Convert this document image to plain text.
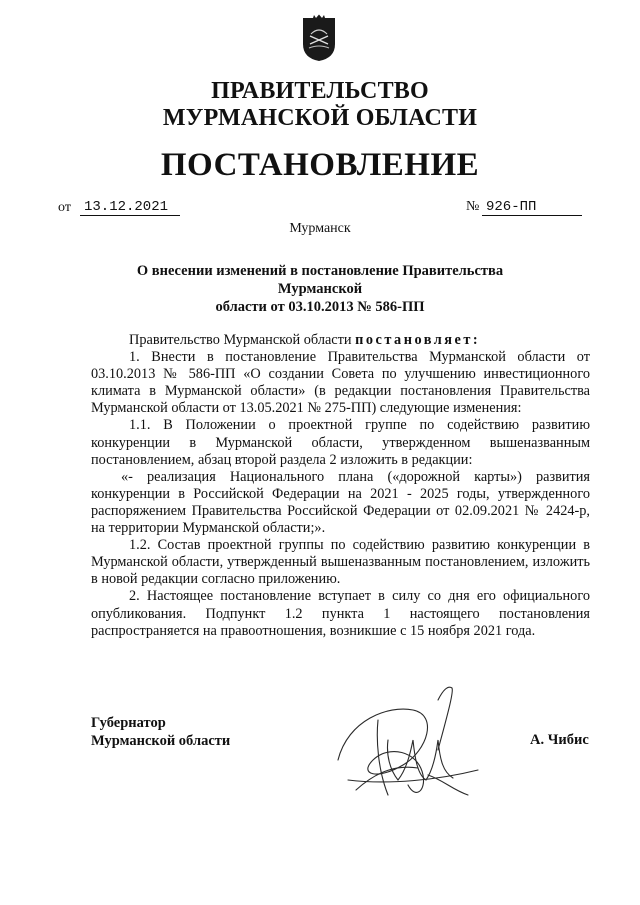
ПРАВИТЕЛЬСТВО
МУРМАНСКОЙ ОБЛАСТИ
ПОСТАНОВЛЕНИЕ
от 13.12.2021	№ 926-ПП
Мурманск
О внесении изменений в постановление Правительства Мурманской
области от 03.10.2013 № 586-ПП

Правительство Мурманской области постановляет:

1. Внести в постановление Правительства Мурманской области от 03.10.2013 № 586-ПП «О создании Совета по улучшению инвестиционного климата в Мурманской области» (в редакции постановления Правительства Мурманской области от 13.05.2021 № 275-ПП) следующие изменения:

1.1. В Положении о проектной группе по содействию развитию конкуренции в Мурманской области, утвержденном вышеназванным постановлением, абзац второй раздела 2 изложить в редакции:

«- реализация Национального плана («дорожной карты») развития конкуренции в Российской Федерации на 2021 - 2025 годы, утвержденного распоряжением Правительства Российской Федерации от 02.09.2021 № 2424-р, на территории Мурманской области;».

1.2. Состав проектной группы по содействию развитию конкуренции в Мурманской области, утвержденный вышеназванным постановлением, изложить в новой редакции согласно приложению.

2. Настоящее постановление вступает в силу со дня его официального опубликования. Подпункт 1.2 пункта 1 настоящего постановления распространяется на правоотношения, возникшие с 15 ноября 2021 года.

Губернатор
Мурманской области	А. Чибис
